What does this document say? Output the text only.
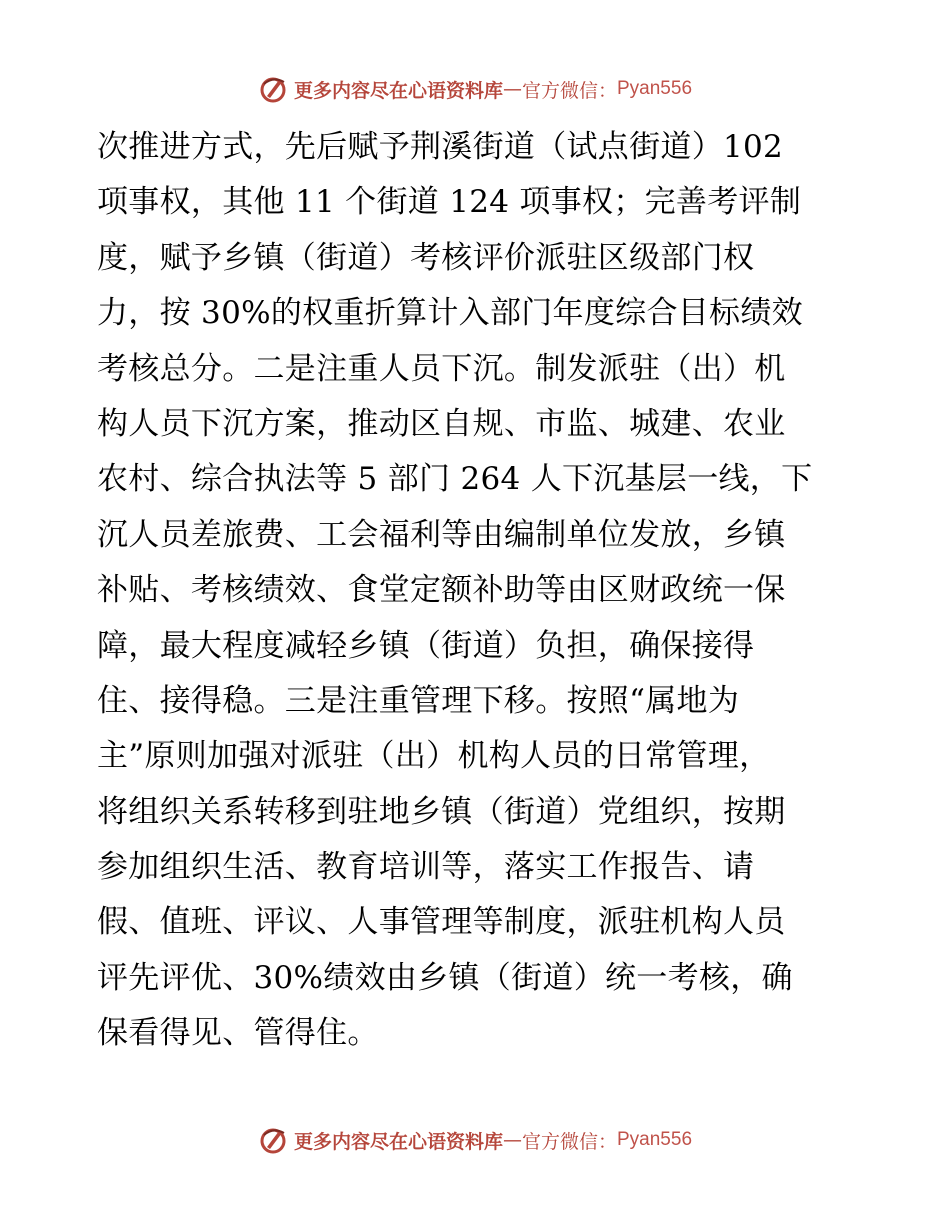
更多内容尽在心语资料库 — 官方微信： Pyan556
次推进方式，先后赋予荆溪街道（试点街道）102
项事权，其他 11 个街道 124 项事权；完善考评制
度，赋予乡镇（街道）考核评价派驻区级部门权
力，按 30%的权重折算计入部门年度综合目标绩效
考核总分。二是注重人员下沉。制发派驻（出）机
构人员下沉方案，推动区自规、市监、城建、农业
农村、综合执法等 5 部门 264 人下沉基层一线，下
沉人员差旅费、工会福利等由编制单位发放，乡镇
补贴、考核绩效、食堂定额补助等由区财政统一保
障，最大程度减轻乡镇（街道）负担，确保接得
住、接得稳。三是注重管理下移。按照“属地为
主”原则加强对派驻（出）机构人员的日常管理，
将组织关系转移到驻地乡镇（街道）党组织，按期
参加组织生活、教育培训等，落实工作报告、请
假、值班、评议、人事管理等制度，派驻机构人员
评先评优、30%绩效由乡镇（街道）统一考核，确
保看得见、管得住。
更多内容尽在心语资料库 — 官方微信： Pyan556
